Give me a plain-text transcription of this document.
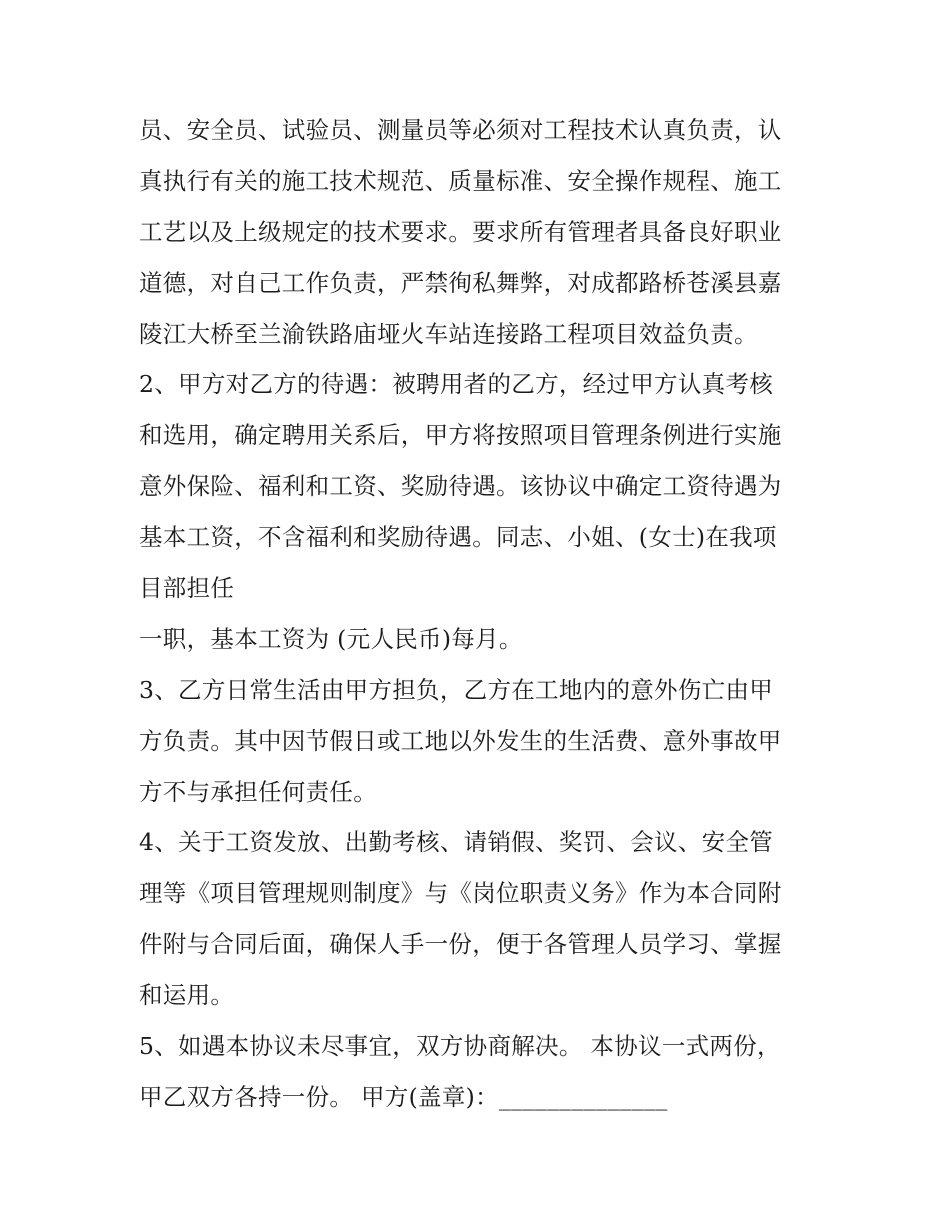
员、安全员、试验员、测量员等必须对工程技术认真负责，认
真执行有关的施工技术规范、质量标准、安全操作规程、施工
工艺以及上级规定的技术要求。要求所有管理者具备良好职业
道德，对自己工作负责，严禁徇私舞弊，对成都路桥苍溪县嘉
陵江大桥至兰渝铁路庙垭火车站连接路工程项目效益负责。
2、甲方对乙方的待遇：被聘用者的乙方，经过甲方认真考核
和选用，确定聘用关系后，甲方将按照项目管理条例进行实施
意外保险、福利和工资、奖励待遇。该协议中确定工资待遇为
基本工资，不含福利和奖励待遇。同志、小姐、(女士)在我项
目部担任
一职，基本工资为 (元人民币)每月。
3、乙方日常生活由甲方担负，乙方在工地内的意外伤亡由甲
方负责。其中因节假日或工地以外发生的生活费、意外事故甲
方不与承担任何责任。
4、关于工资发放、出勤考核、请销假、奖罚、会议、安全管
理等《项目管理规则制度》与《岗位职责义务》作为本合同附
件附与合同后面，确保人手一份，便于各管理人员学习、掌握
和运用。
5、如遇本协议未尽事宜，双方协商解决。 本协议一式两份，
甲乙双方各持一份。 甲方(盖章)：______________
